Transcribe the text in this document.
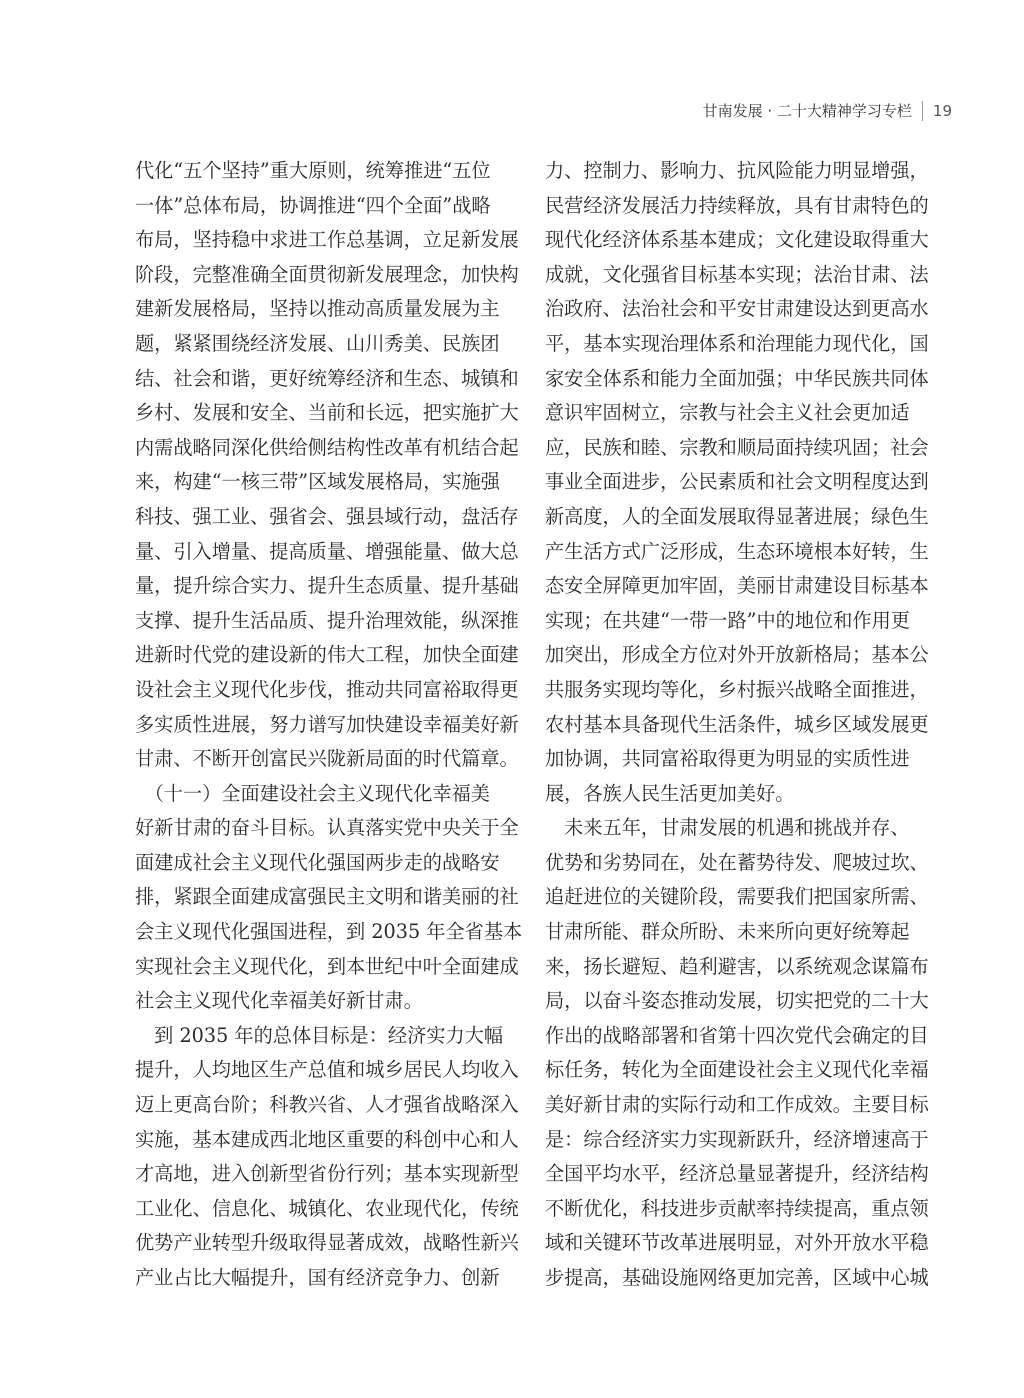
甘南发展 · 二十大精神学习专栏 19
代化“五个坚持”重大原则，统筹推进“五位
一体”总体布局，协调推进“四个全面”战略
布局，坚持稳中求进工作总基调，立足新发展
阶段，完整准确全面贯彻新发展理念，加快构
建新发展格局，坚持以推动高质量发展为主
题，紧紧围绕经济发展、山川秀美、民族团
结、社会和谐，更好统筹经济和生态、城镇和
乡村、发展和安全、当前和长远，把实施扩大
内需战略同深化供给侧结构性改革有机结合起
来，构建“一核三带”区域发展格局，实施强
科技、强工业、强省会、强县域行动，盘活存
量、引入增量、提高质量、增强能量、做大总
量，提升综合实力、提升生态质量、提升基础
支撑、提升生活品质、提升治理效能，纵深推
进新时代党的建设新的伟大工程，加快全面建
设社会主义现代化步伐，推动共同富裕取得更
多实质性进展，努力谱写加快建设幸福美好新
甘肃、不断开创富民兴陇新局面的时代篇章。
　（十一）全面建设社会主义现代化幸福美
好新甘肃的奋斗目标。认真落实党中央关于全
面建成社会主义现代化强国两步走的战略安
排，紧跟全面建成富强民主文明和谐美丽的社
会主义现代化强国进程，到 2035 年全省基本
实现社会主义现代化，到本世纪中叶全面建成
社会主义现代化幸福美好新甘肃。
　到 2035 年的总体目标是：经济实力大幅
提升，人均地区生产总值和城乡居民人均收入
迈上更高台阶；科教兴省、人才强省战略深入
实施，基本建成西北地区重要的科创中心和人
才高地，进入创新型省份行列；基本实现新型
工业化、信息化、城镇化、农业现代化，传统
优势产业转型升级取得显著成效，战略性新兴
产业占比大幅提升，国有经济竞争力、创新
力、控制力、影响力、抗风险能力明显增强，
民营经济发展活力持续释放，具有甘肃特色的
现代化经济体系基本建成；文化建设取得重大
成就，文化强省目标基本实现；法治甘肃、法
治政府、法治社会和平安甘肃建设达到更高水
平，基本实现治理体系和治理能力现代化，国
家安全体系和能力全面加强；中华民族共同体
意识牢固树立，宗教与社会主义社会更加适
应，民族和睦、宗教和顺局面持续巩固；社会
事业全面进步，公民素质和社会文明程度达到
新高度，人的全面发展取得显著进展；绿色生
产生活方式广泛形成，生态环境根本好转，生
态安全屏障更加牢固，美丽甘肃建设目标基本
实现；在共建“一带一路”中的地位和作用更
加突出，形成全方位对外开放新格局；基本公
共服务实现均等化，乡村振兴战略全面推进，
农村基本具备现代生活条件，城乡区域发展更
加协调，共同富裕取得更为明显的实质性进
展，各族人民生活更加美好。
　未来五年，甘肃发展的机遇和挑战并存、
优势和劣势同在，处在蓄势待发、爬坡过坎、
追赶进位的关键阶段，需要我们把国家所需、
甘肃所能、群众所盼、未来所向更好统筹起
来，扬长避短、趋利避害，以系统观念谋篇布
局，以奋斗姿态推动发展，切实把党的二十大
作出的战略部署和省第十四次党代会确定的目
标任务，转化为全面建设社会主义现代化幸福
美好新甘肃的实际行动和工作成效。主要目标
是：综合经济实力实现新跃升，经济增速高于
全国平均水平，经济总量显著提升，经济结构
不断优化，科技进步贡献率持续提高，重点领
域和关键环节改革进展明显，对外开放水平稳
步提高，基础设施网络更加完善，区域中心城
